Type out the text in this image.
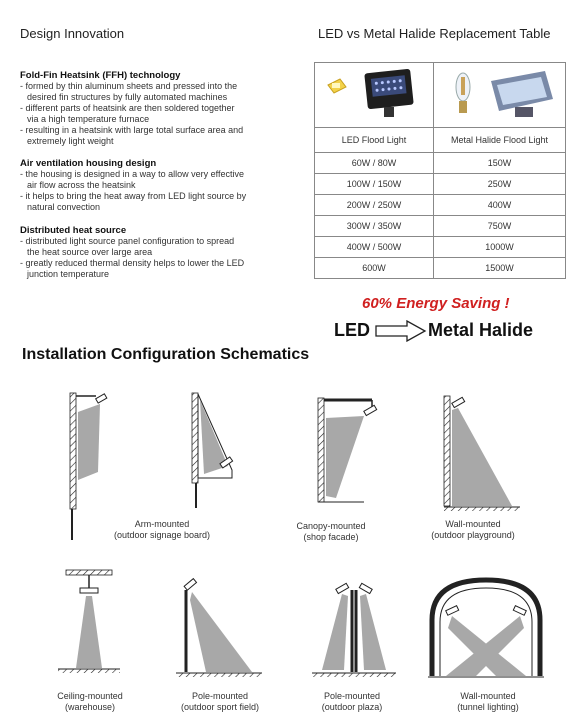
Design Innovation	LED vs Metal Halide Replacement Table
Fold-Fin Heatsink (FFH) technology
- formed by thin aluminum sheets and pressed into the
desired fin structures by fully automated machines
- different parts of heatsink are then soldered together
via a high temperature furnace
- resulting in a heatsink with large total surface area and
extremely light weight
Air ventilation housing design
- the housing is designed in a way to allow very effective
air flow across the heatsink
- it helps to bring the heat away from LED light source by
natural convection
Distributed heat source
- distributed light source panel configuration to spread
the heat source over large area
- greatly reduced thermal density helps to lower the LED
junction temperature

LED Flood Light	Metal Halide Flood Light
60W / 80W	150W
100W / 150W	250W
200W / 250W	400W
300W / 350W	750W
400W / 500W	1000W
600W	1500W
60% Energy Saving !
LED	Metal Halide
Installation Configuration Schematics
Arm-mounted
(outdoor signage board)
Canopy-mounted
(shop facade)
Wall-mounted
(outdoor playground)
Ceiling-mounted
(warehouse)
Pole-mounted
(outdoor sport field)
Pole-mounted
(outdoor plaza)
Wall-mounted
(tunnel lighting)
